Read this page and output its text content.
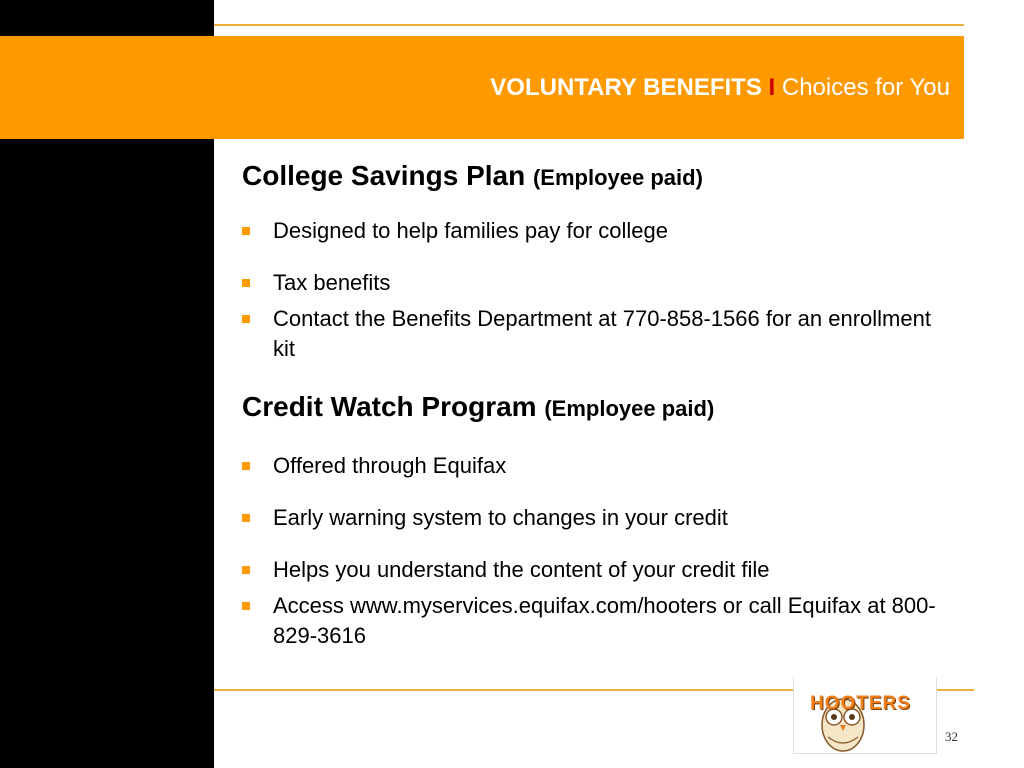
VOLUNTARY BENEFITS I Choices for You
College Savings Plan (Employee paid)
Designed to help families pay for college
Tax benefits
Contact the Benefits Department at 770-858-1566 for an enrollment kit
Credit Watch Program (Employee paid)
Offered through Equifax
Early warning system to changes in your credit
Helps you understand the content of your credit file
Access www.myservices.equifax.com/hooters or call Equifax at 800-829-3616
HOOTERS
32
